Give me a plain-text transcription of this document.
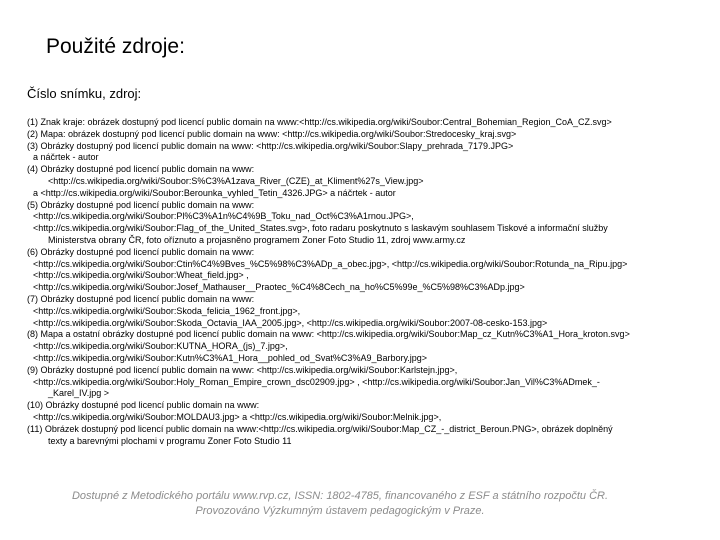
Použité zdroje:
Číslo snímku, zdroj:
(1) Znak kraje: obrázek dostupný pod licencí public domain na www:<http://cs.wikipedia.org/wiki/Soubor:Central_Bohemian_Region_CoA_CZ.svg>
(2) Mapa: obrázek dostupný pod licencí public domain na www: <http://cs.wikipedia.org/wiki/Soubor:Stredocesky_kraj.svg>
(3) Obrázky dostupný pod licencí public domain na www: <http://cs.wikipedia.org/wiki/Soubor:Slapy_prehrada_7179.JPG>
a náčrtek - autor
(4) Obrázky dostupné pod licencí public domain na www:
<http://cs.wikipedia.org/wiki/Soubor:S%C3%A1zava_River_(CZE)_at_Kliment%27s_View.jpg>
a <http://cs.wikipedia.org/wiki/Soubor:Berounka_vyhled_Tetin_4326.JPG> a náčrtek - autor
(5) Obrázky dostupné pod licencí public domain na www:
<http://cs.wikipedia.org/wiki/Soubor:Pl%C3%A1n%C4%9B_Toku_nad_Oct%C3%A1rnou.JPG>,
<http://cs.wikipedia.org/wiki/Soubor:Flag_of_the_United_States.svg>, foto radaru poskytnuto s laskavým souhlasem Tiskové a informační služby
Ministerstva obrany ČR, foto oříznuto a projasněno programem Zoner Foto Studio 11, zdroj www.army.cz
(6) Obrázky dostupné pod licencí public domain na www:
<http://cs.wikipedia.org/wiki/Soubor:Ctin%C4%9Bves_%C5%98%C3%ADp_a_obec.jpg>, <http://cs.wikipedia.org/wiki/Soubor:Rotunda_na_Ripu.jpg>
<http://cs.wikipedia.org/wiki/Soubor:Wheat_field.jpg> ,
<http://cs.wikipedia.org/wiki/Soubor:Josef_Mathauser__Praotec_%C4%8Cech_na_ho%C5%99e_%C5%98%C3%ADp.jpg>
(7) Obrázky dostupné pod licencí public domain na www:
<http://cs.wikipedia.org/wiki/Soubor:Skoda_felicia_1962_front.jpg>,
<http://cs.wikipedia.org/wiki/Soubor:Skoda_Octavia_IAA_2005.jpg>, <http://cs.wikipedia.org/wiki/Soubor:2007-08-cesko-153.jpg>
(8) Mapa a ostatní obrázky dostupné pod licencí public domain na www: <http://cs.wikipedia.org/wiki/Soubor:Map_cz_Kutn%C3%A1_Hora_kroton.svg>
<http://cs.wikipedia.org/wiki/Soubor:KUTNA_HORA_(js)_7.jpg>,
<http://cs.wikipedia.org/wiki/Soubor:Kutn%C3%A1_Hora__pohled_od_Svat%C3%A9_Barbory.jpg>
(9) Obrázky dostupné pod licencí public domain na www: <http://cs.wikipedia.org/wiki/Soubor:Karlstejn.jpg>,
<http://cs.wikipedia.org/wiki/Soubor:Holy_Roman_Empire_crown_dsc02909.jpg> , <http://cs.wikipedia.org/wiki/Soubor:Jan_Vil%C3%ADmek_-
_Karel_IV.jpg >
(10) Obrázky dostupné pod licencí public domain na www:
<http://cs.wikipedia.org/wiki/Soubor:MOLDAU3.jpg> a <http://cs.wikipedia.org/wiki/Soubor:Melnik.jpg>,
(11) Obrázek dostupný pod licencí public domain na www:<http://cs.wikipedia.org/wiki/Soubor:Map_CZ_-_district_Beroun.PNG>, obrázek doplněný
texty a barevnými plochami v programu Zoner Foto Studio 11
Dostupné z Metodického portálu www.rvp.cz, ISSN: 1802-4785, financovaného z ESF a státního rozpočtu ČR.
Provozováno Výzkumným ústavem pedagogickým v Praze.
